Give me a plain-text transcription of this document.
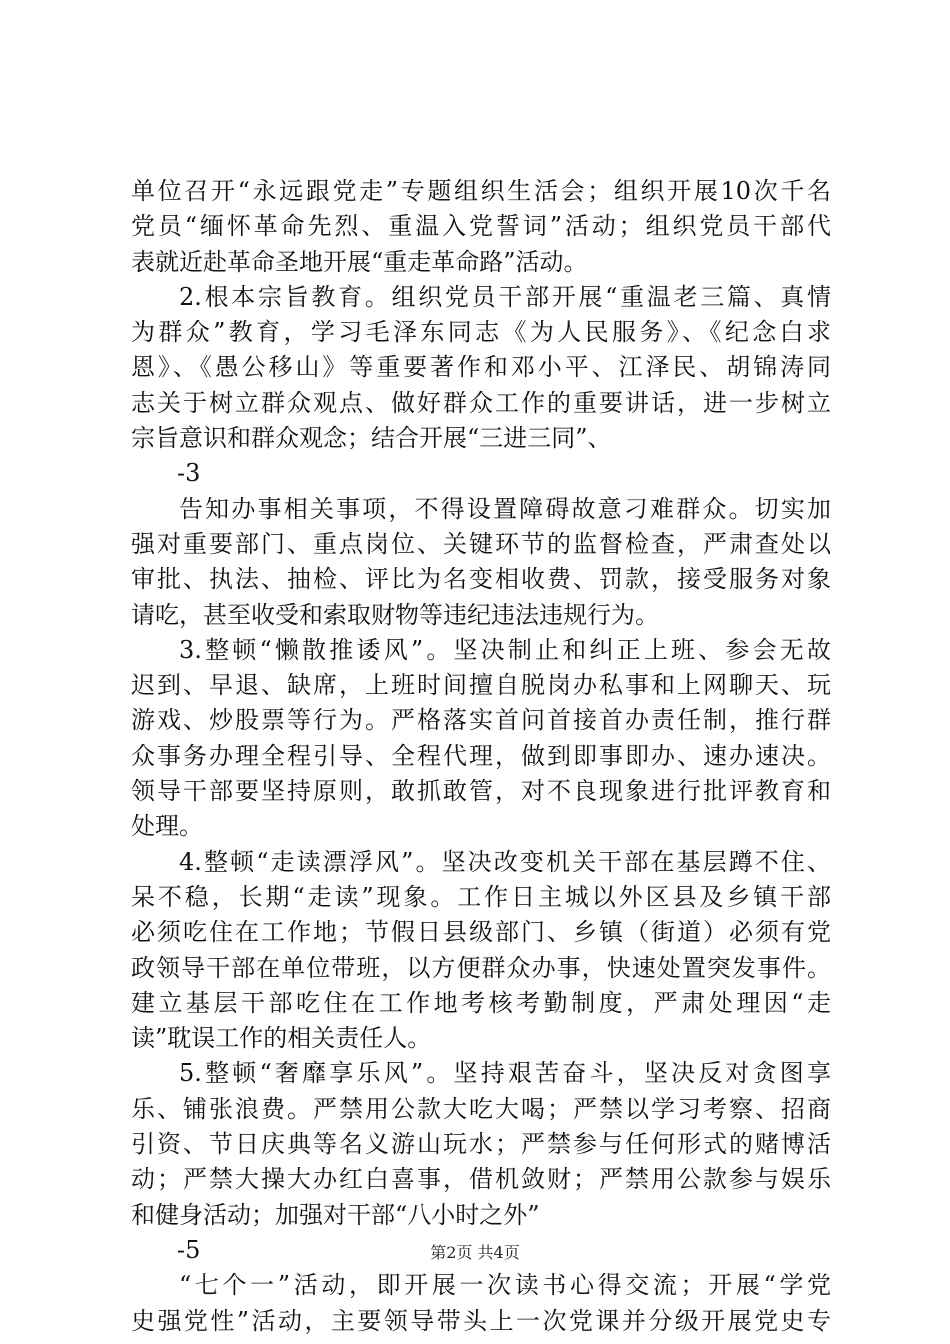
单位召开“永远跟党走”专题组织生活会；组织开展10次千名
党员“缅怀革命先烈、重温入党誓词”活动；组织党员干部代
表就近赴革命圣地开展“重走革命路”活动。
2.根本宗旨教育。组织党员干部开展“重温老三篇、真情
为群众”教育，学习毛泽东同志《为人民服务》、《纪念白求
恩》、《愚公移山》等重要著作和邓小平、江泽民、胡锦涛同
志关于树立群众观点、做好群众工作的重要讲话，进一步树立
宗旨意识和群众观念；结合开展“三进三同”、
-3
告知办事相关事项，不得设置障碍故意刁难群众。切实加
强对重要部门、重点岗位、关键环节的监督检查，严肃查处以
审批、执法、抽检、评比为名变相收费、罚款，接受服务对象
请吃，甚至收受和索取财物等违纪违法违规行为。
3.整顿“懒散推诿风”。坚决制止和纠正上班、参会无故
迟到、早退、缺席，上班时间擅自脱岗办私事和上网聊天、玩
游戏、炒股票等行为。严格落实首问首接首办责任制，推行群
众事务办理全程引导、全程代理，做到即事即办、速办速决。
领导干部要坚持原则，敢抓敢管，对不良现象进行批评教育和
处理。
4.整顿“走读漂浮风”。坚决改变机关干部在基层蹲不住、
呆不稳，长期“走读”现象。工作日主城以外区县及乡镇干部
必须吃住在工作地；节假日县级部门、乡镇（街道）必须有党
政领导干部在单位带班，以方便群众办事，快速处置突发事件。
建立基层干部吃住在工作地考核考勤制度，严肃处理因“走
读”耽误工作的相关责任人。
5.整顿“奢靡享乐风”。坚持艰苦奋斗，坚决反对贪图享
乐、铺张浪费。严禁用公款大吃大喝；严禁以学习考察、招商
引资、节日庆典等名义游山玩水；严禁参与任何形式的赌博活
动；严禁大操大办红白喜事，借机敛财；严禁用公款参与娱乐
和健身活动；加强对干部“八小时之外”
-5
“七个一”活动，即开展一次读书心得交流；开展“学党
史强党性”活动，主要领导带头上一次党课并分级开展党史专
第2页 共4页
